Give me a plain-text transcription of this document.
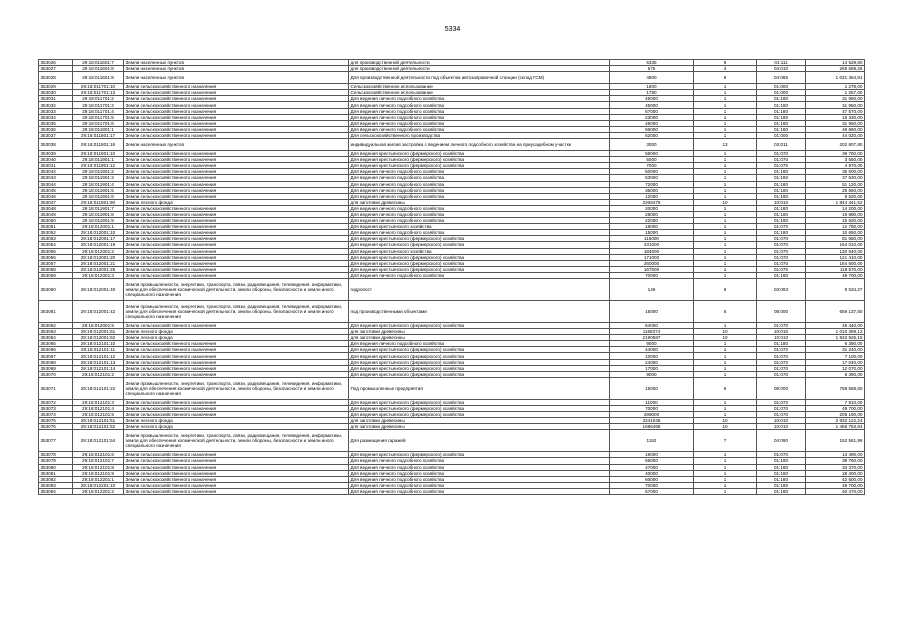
5334
353026	29:18:011601:7	Земли населенных пунктов	для производственной деятельности	5335	6	01:111	14 529,80
353027	29:18:011601:8	Земли населенных пунктов	для производственной деятельности	575	4	04:010	265 659,26
353028	29:18:011601:9	Земли населенных пунктов	Для производственной деятельности под объектом автозаправочной станции (склад ГСМ)	4900	6	04:085	1 031 364,81
353029	29:18:011701:10	Земли сельскохозяйственного назначения	Сельскохозяйственное использование	1800	1	01:000	1 278,00
353030	29:18:011701:13	Земли сельскохозяйственного назначения	Сельскохозяйственное использование	1780	1	01:000	1 257,00
353031	29:18:011701:2	Земли сельскохозяйственного назначения	Для ведения личного подсобного хозяйства	45000	1	01:180	31 950,00
353032	29:18:011701:3	Земли сельскохозяйственного назначения	Для ведения личного подсобного хозяйства	45000	1	01:180	31 950,00
353033	29:18:011701:4	Земли сельскохозяйственного назначения	Для ведения личного подсобного хозяйства	67000	1	01:180	47 570,00
353034	29:18:011701:5	Земли сельскохозяйственного назначения	Для ведения личного подсобного хозяйства	23000	1	01:180	16 330,00
353035	29:18:011701:6	Земли сельскохозяйственного назначения	Для ведения личного подсобного хозяйства	45000	1	01:180	31 950,00
353036	29:18:011801:1	Земли сельскохозяйственного назначения	Для ведения личного подсобного хозяйства	66000	1	01:180	46 860,00
353037	29:18:011801:17	Земли сельскохозяйственного назначения	Для сельскохозяйственного производства	62000	1	01:000	44 020,00
353038	29:18:011801:18	Земли населенных пунктов	индивидуальная жилая застройка с ведением личного подсобного хозяйства на приусадебном участке	3000	13	02:011	202 807,80
353039	29:18:011901:10	Земли сельскохозяйственного назначения	Для ведения крестьянского (фермерского) хозяйства	56000	1	01:070	39 760,00
353040	29:18:011901:1	Земли сельскохозяйственного назначения	Для ведения крестьянского (фермерского) хозяйства	5000	1	01:070	3 550,00
353041	29:18:011901:12	Земли сельскохозяйственного назначения	Для ведения крестьянского (фермерского) хозяйства	7000	1	01:070	4 970,00
353042	29:18:011901:2	Земли сельскохозяйственного назначения	Для ведения личного подсобного хозяйства	50000	1	01:180	35 500,00
353043	29:18:011901:3	Земли сельскохозяйственного назначения	Для ведения личного подсобного хозяйства	53000	1	01:180	37 630,00
353044	29:18:011901:4	Земли сельскохозяйственного назначения	Для ведения личного подсобного хозяйства	72000	1	01:180	51 120,00
353045	29:18:011901:5	Земли сельскохозяйственного назначения	Для ведения личного подсобного хозяйства	36000	1	01:180	25 560,00
353046	29:18:011901:6	Земли сельскохозяйственного назначения	Для ведения личного подсобного хозяйства	12000	1	01:180	8 520,00
353047	29:18:011901:90	Земли лесного фонда	для заготовки древесины	2206475	10	10:010	1 844 441,52
353048	29:18:011901:7	Земли сельскохозяйственного назначения	Для ведения личного подсобного хозяйства	20000	1	01:180	14 200,00
353049	29:18:011901:8	Земли сельскохозяйственного назначения	Для ведения личного подсобного хозяйства	28000	1	01:180	19 880,00
353050	29:18:011901:9	Земли сельскохозяйственного назначения	Для ведения личного подсобного хозяйства	22000	1	01:180	15 620,00
353051	29:18:012001:1	Земли сельскохозяйственного назначения	Для ведения крестьянского хозяйства	18000	1	01:070	12 780,00
353052	29:18:012001:10	Земли сельскохозяйственного назначения	Для ведения личного подсобного хозяйства	15000	1	01:180	10 650,00
353053	29:18:012001:17	Земли сельскохозяйственного назначения	Для ведения крестьянского (фермерского) хозяйства	115000	1	01:070	81 650,00
353054	29:18:012001:19	Земли сельскохозяйственного назначения	Для ведения крестьянского (фермерского) хозяйства	231000	1	01:070	164 010,00
353055	29:18:012001:2	Земли сельскохозяйственного назначения	Для ведения крестьянского хозяйства	184000	1	01:070	130 640,00
353056	29:18:012001:20	Земли сельскохозяйственного назначения	Для ведения крестьянского (фермерского) хозяйства	171000	1	01:070	121 410,00
353057	29:18:012001:21	Земли сельскохозяйственного назначения	Для ведения крестьянского (фермерского) хозяйства	260000	1	01:070	184 600,00
353058	29:18:012001:25	Земли сельскохозяйственного назначения	Для ведения крестьянского (фермерского) хозяйства	167000	1	01:070	118 570,00
353059	29:18:012001:3	Земли сельскохозяйственного назначения	Для ведения личного подсобного хозяйства	70000	1	01:180	49 700,00
353060	29:18:012001:40	Земли промышленности, энергетики, транспорта, связи, радиовещания, телевидения, информатики, земли для обеспечения космической деятельности, земли обороны, безопасности и земли иного специального назначения	гидропост	146	6	03:093	5 534,27
353061	29:18:012001:42	Земли промышленности, энергетики, транспорта, связи, радиовещания, телевидения, информатики, земли для обеспечения космической деятельности, земли обороны, безопасности и земли иного специального назначения	под производственными объектами	15000	6	08:000	659 137,50
353062	29:18:012001:5	Земли сельскохозяйственного назначения	Для ведения крестьянского (фермерского) хозяйства	64000	1	01:070	45 440,00
353063	29:18:012001:61	Земли лесного фонда	для заготовки древесины	1158374	10	10:010	1 010 369,12
353064	29:18:012001:62	Земли лесного фонда	для заготовки древесины	2190587	10	10:010	1 932 926,15
353065	29:18:012101:10	Земли сельскохозяйственного назначения	Для ведения личного подсобного хозяйства	9000	1	01:180	6 390,00
353066	29:18:012101:11	Земли сельскохозяйственного назначения	Для ведения крестьянского (фермерского) хозяйства	44000	1	01:070	31 240,00
353067	29:18:012101:12	Земли сельскохозяйственного назначения	Для ведения крестьянского (фермерского) хозяйства	10000	1	01:070	7 100,00
353068	29:18:012101:13	Земли сельскохозяйственного назначения	Для ведения крестьянского (фермерского) хозяйства	24000	1	01:070	17 040,00
353069	29:18:012101:14	Земли сельскохозяйственного назначения	Для ведения крестьянского (фермерского) хозяйства	17000	1	01:070	12 070,00
353070	29:18:012101:2	Земли сельскохозяйственного назначения	Для ведения крестьянского (фермерского) хозяйства	9000	1	01:070	6 390,00
353071	29:18:012101:22	Земли промышленности, энергетики, транспорта, связи, радиовещания, телевидения, информатики, земли для обеспечения космической деятельности, земли обороны, безопасности и земли иного специального назначения	Под промышленные предприятия	15000	6	08:000	768 568,50
353072	29:18:012101:3	Земли сельскохозяйственного назначения	Для ведения крестьянского (фермерского) хозяйства	11000	1	01:070	7 810,00
353073	29:18:012101:4	Земли сельскохозяйственного назначения	Для ведения крестьянского (фермерского) хозяйства	70000	1	01:070	49 700,00
353074	29:18:012101:5	Земли сельскохозяйственного назначения	Для ведения крестьянского (фермерского) хозяйства	289000	1	01:070	205 190,00
353075	29:18:012101:51	Земли лесного фонда	для заготовки древесины	3241048	10	10:010	2 832 122,24
353076	29:18:012101:52	Земли лесного фонда	для заготовки древесины	1686468	10	10:010	1 456 763,84
353077	29:18:012101:54	Земли промышленности, энергетики, транспорта, связи, радиовещания, телевидения, информатики, земли для обеспечения космической деятельности, земли обороны, безопасности и земли иного специального назначения	Для размещения гаражей	1152	7	04:090	152 561,99
353078	29:18:012101:6	Земли сельскохозяйственного назначения	Для ведения крестьянского (фермерского) хозяйства	19000	1	01:070	13 490,00
353079	29:18:012101:7	Земли сельскохозяйственного назначения	Для ведения личного подсобного хозяйства	56000	1	01:180	39 760,00
353080	29:18:012101:8	Земли сельскохозяйственного назначения	Для ведения личного подсобного хозяйства	47000	1	01:180	33 370,00
353081	29:18:012101:9	Земли сельскохозяйственного назначения	Для ведения личного подсобного хозяйства	40000	1	01:180	28 400,00
353082	29:18:012201:1	Земли сельскохозяйственного назначения	Для ведения личного подсобного хозяйства	60000	1	01:180	42 600,00
353083	29:18:012201:10	Земли сельскохозяйственного назначения	Для ведения личного подсобного хозяйства	70000	1	01:180	49 700,00
353084	29:18:012201:2	Земли сельскохозяйственного назначения	Для ведения личного подсобного хозяйства	57000	1	01:180	40 470,00
